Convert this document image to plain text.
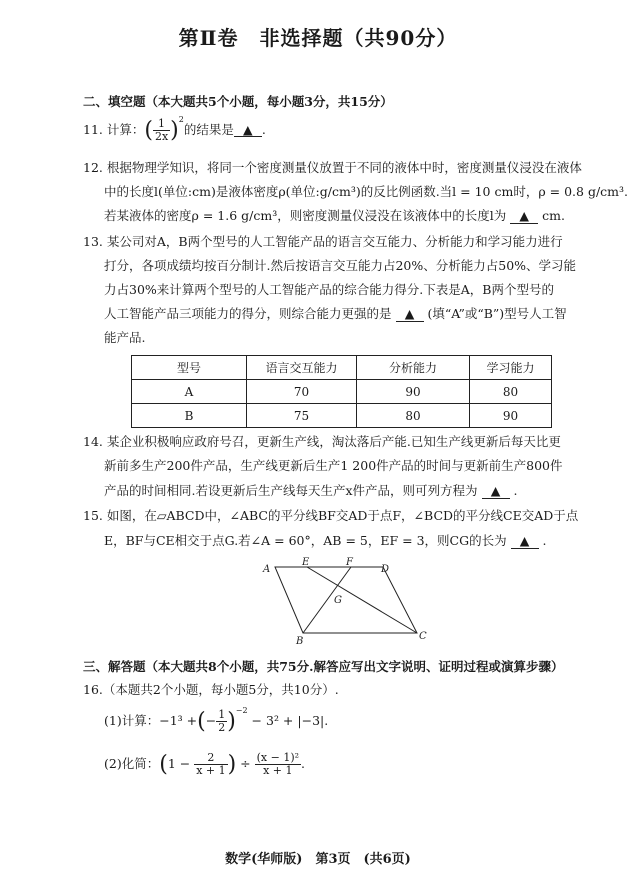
第Ⅱ卷　非选择题（共90分）
二、填空题（本大题共5个小题，每小题3分，共15分）
11. 计算： ( $\frac{1}{2x} )^2$
的结果是 ▲ .
12. 根据物理学知识，将同一个密度测量仪放置于不同的液体中时，密度测量仪浸没在液体
中的长度l(单位:cm)是液体密度ρ(单位:g/cm³)的反比例函数.当l = 10 cm时，ρ = 0.8 g/cm³.
若某液体的密度ρ = 1.6 g/cm³，则密度测量仪浸没在该液体中的长度l为 ▲ cm.
13. 某公司对A，B两个型号的人工智能产品的语言交互能力、分析能力和学习能力进行
打分，各项成绩均按百分制计.然后按语言交互能力占20%、分析能力占50%、学习能
力占30%来计算两个型号的人工智能产品的综合能力得分.下表是A，B两个型号的
人工智能产品三项能力的得分，则综合能力更强的是 ▲ (填“A”或“B”)型号人工智
能产品.
型号	语言交互能力	分析能力	学习能力
A	70	90	80
B	75	80	90
14. 某企业积极响应政府号召，更新生产线，淘汰落后产能.已知生产线更新后每天比更
新前多生产200件产品，生产线更新后生产1 200件产品的时间与更新前生产800件
产品的时间相同.若设更新后生产线每天生产x件产品，则可列方程为 ▲ .
15. 如图，在▱ABCD中，∠ABC的平分线BF交AD于点F，∠BCD的平分线CE交AD于点
E，BF与CE相交于点G.若∠A = 60°，AB = 5，EF = 3，则CG的长为 ▲ .
A
E	F
D
G
B	C
三、解答题（本大题共8个小题，共75分.解答应写出文字说明、证明过程或演算步骤）
16.（本题共2个小题，每小题5分，共10分）.
(1)计算： −1³ + ( − $\frac{1}{2} )^{-2}$
− 3² + |−3|.
(2)化简： ( $1 - \frac{2}{x + 1}$ ) ÷ $\frac{\text{(x − 1)²}}{x + 1}$ .
数学(华师版)　第3页　(共6页)
